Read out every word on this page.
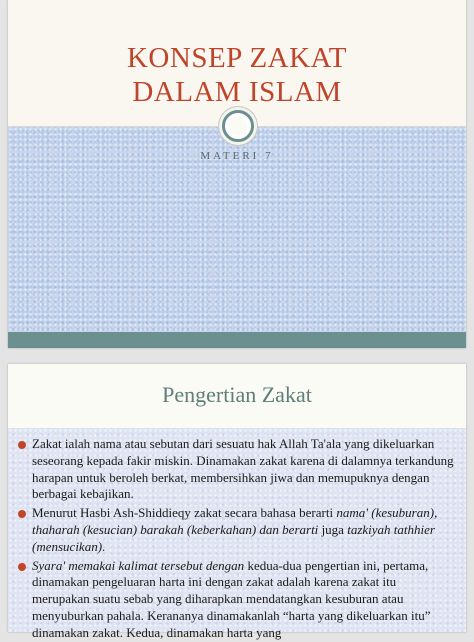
KONSEP ZAKAT
DALAM ISLAM
MATERI 7
Pengertian Zakat
Zakat ialah nama atau sebutan dari sesuatu hak Allah Ta'ala yang dikeluarkan seseorang kepada fakir miskin. Dinamakan zakat karena di dalamnya terkandung harapan untuk beroleh berkat, membersihkan jiwa dan memupuknya dengan berbagai kebajikan.
Menurut Hasbi Ash-Shiddieqy zakat secara bahasa berarti nama' (kesuburan), thaharah (kesucian) barakah (keberkahan) dan berarti juga tazkiyah tathhier (mensucikan).
Syara' memakai kalimat tersebut dengan kedua-dua pengertian ini, pertama, dinamakan pengeluaran harta ini dengan zakat adalah karena zakat itu merupakan suatu sebab yang diharapkan mendatangkan kesuburan atau menyuburkan pahala. Kerananya dinamakanlah “harta yang dikeluarkan itu” dinamakan zakat. Kedua, dinamakan harta yang
